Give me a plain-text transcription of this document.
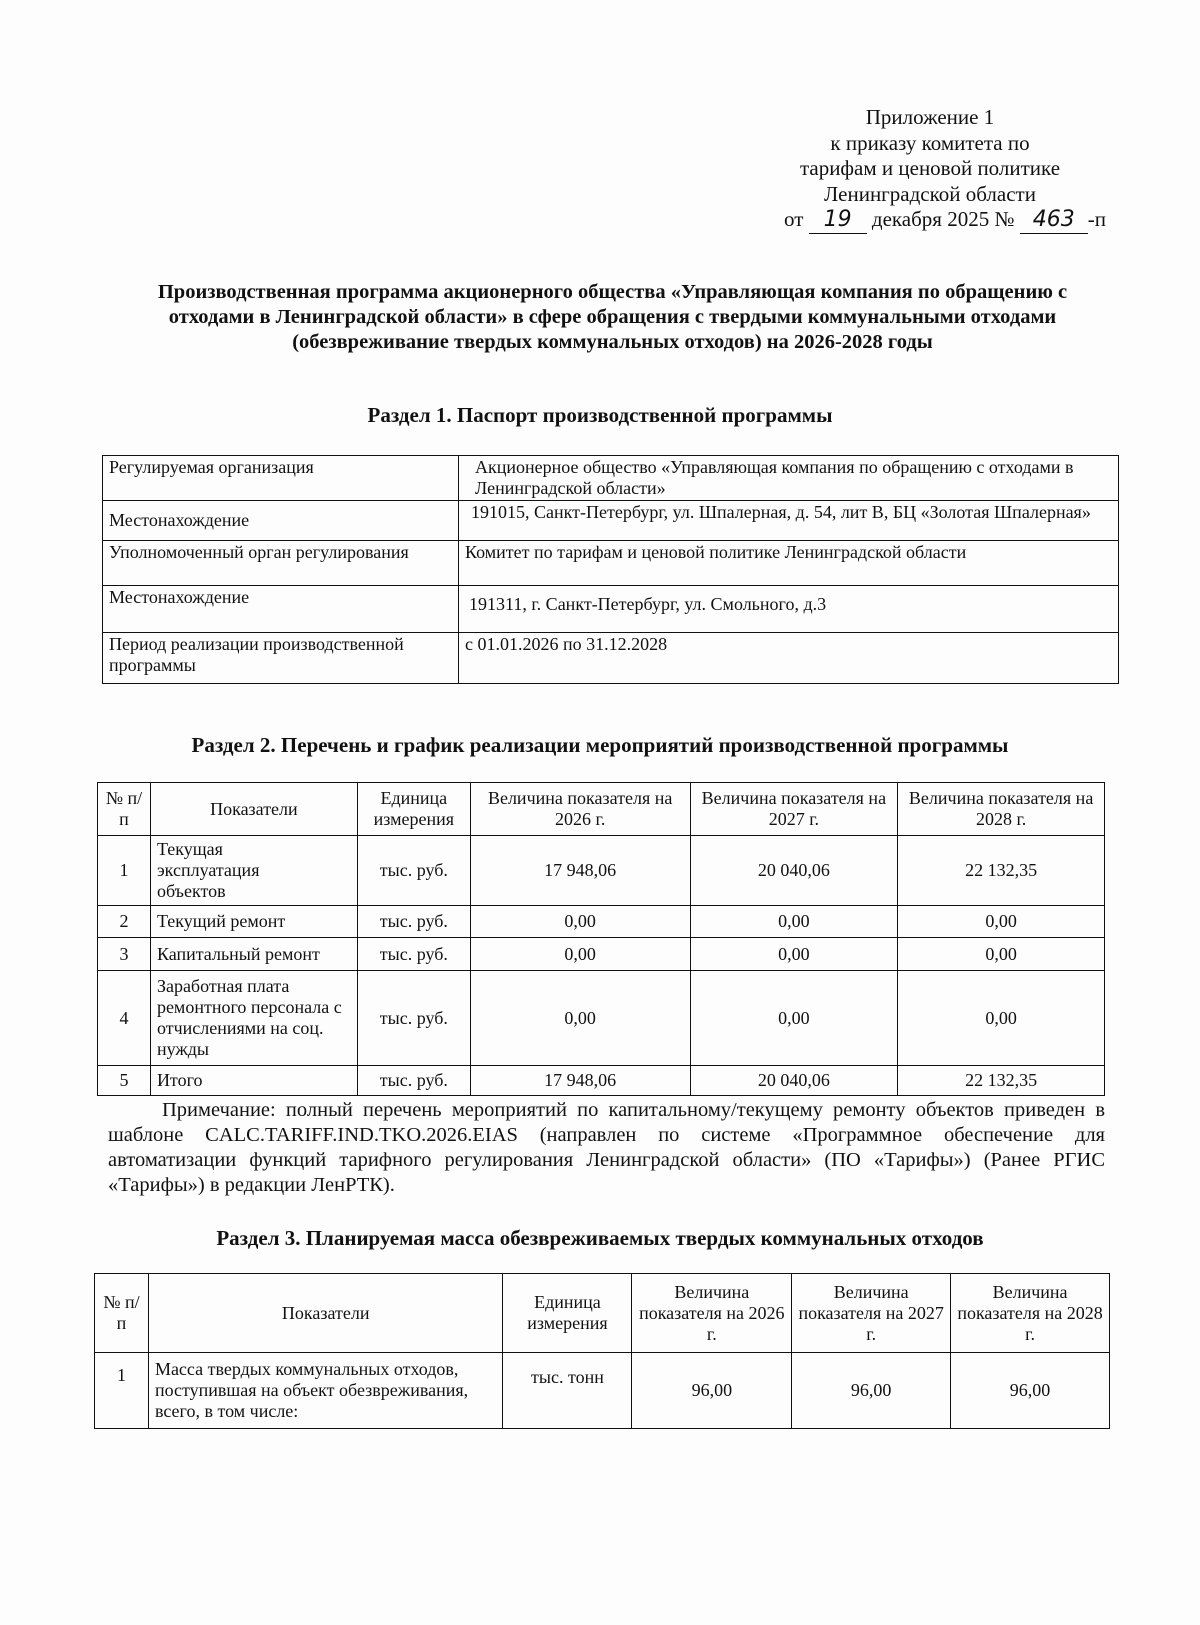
Приложение 1
к приказу комитета по
тарифам и ценовой политике
Ленинградской области
от 19 декабря 2025 № 463 -п
Производственная программа акционерного общества «Управляющая компания по обращению с отходами в Ленинградской области» в сфере обращения с твердыми коммунальными отходами (обезвреживание твердых коммунальных отходов) на 2026-2028 годы
Раздел 1. Паспорт производственной программы
Регулируемая организация	Акционерное общество «Управляющая компания по обращению с отходами в Ленинградской области»
Местонахождение	191015, Санкт-Петербург, ул. Шпалерная, д. 54, лит В, БЦ «Золотая Шпалерная»
Уполномоченный орган регулирования	Комитет по тарифам и ценовой политике Ленинградской области
Местонахождение	191311, г. Санкт-Петербург, ул. Смольного, д.3
Период реализации производственной программы	с 01.01.2026 по 31.12.2028
Раздел 2. Перечень и график реализации мероприятий производственной программы
№ п/п	Показатели	Единица измерения	Величина показателя на 2026 г.	Величина показателя на 2027 г.	Величина показателя на 2028 г.
1	Текущая эксплуатация объектов	тыс. руб.	17 948,06	20 040,06	22 132,35
2	Текущий ремонт	тыс. руб.	0,00	0,00	0,00
3	Капитальный ремонт	тыс. руб.	0,00	0,00	0,00
4	Заработная плата ремонтного персонала с отчислениями на соц. нужды	тыс. руб.	0,00	0,00	0,00
5	Итого	тыс. руб.	17 948,06	20 040,06	22 132,35
Примечание: полный перечень мероприятий по капитальному/текущему ремонту объектов приведен в шаблоне CALC.TARIFF.IND.TKO.2026.EIAS (направлен по системе «Программное обеспечение для автоматизации функций тарифного регулирования Ленинградской области» (ПО «Тарифы») (Ранее РГИС «Тарифы») в редакции ЛенРТК).
Раздел 3. Планируемая масса обезвреживаемых твердых коммунальных отходов
№ п/п	Показатели	Единица измерения	Величина показателя на 2026 г.	Величина показателя на 2027 г.	Величина показателя на 2028 г.
1	Масса твердых коммунальных отходов, поступившая на объект обезвреживания, всего, в том числе:	тыс. тонн	96,00	96,00	96,00
